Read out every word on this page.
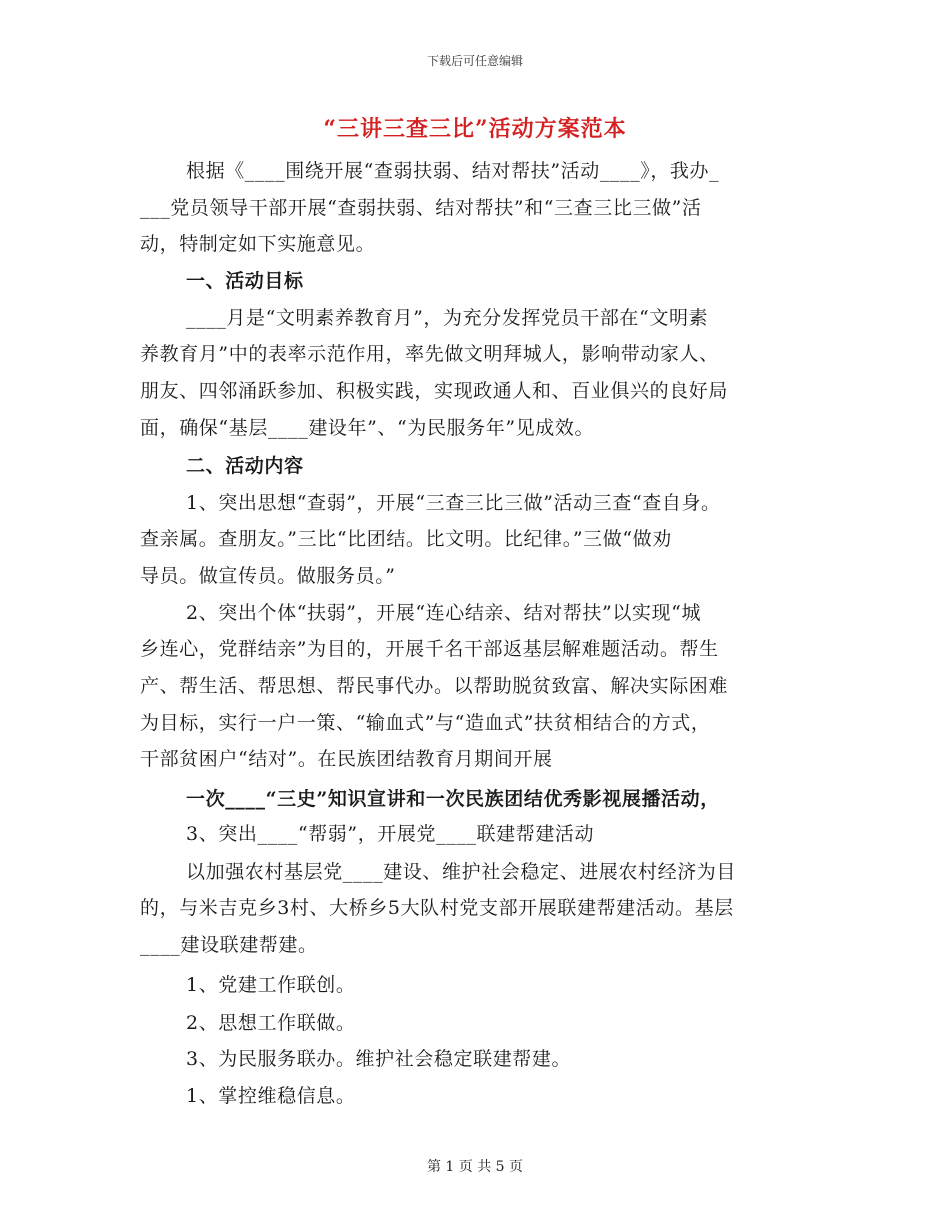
下载后可任意编辑
“三讲三查三比”活动方案范本
根据《____围绕开展“查弱扶弱、结对帮扶”活动____》，我办_
___党员领导干部开展“查弱扶弱、结对帮扶”和“三查三比三做”活
动，特制定如下实施意见。
一、活动目标
____月是“文明素养教育月”，为充分发挥党员干部在“文明素
养教育月”中的表率示范作用，率先做文明拜城人，影响带动家人、
朋友、四邻涌跃参加、积极实践，实现政通人和、百业俱兴的良好局
面，确保“基层____建设年”、“为民服务年”见成效。
二、活动内容
1、突出思想“查弱”，开展“三查三比三做”活动三查“查自身。
查亲属。查朋友。”三比“比团结。比文明。比纪律。”三做“做劝
导员。做宣传员。做服务员。”
2、突出个体“扶弱”，开展“连心结亲、结对帮扶”以实现“城
乡连心，党群结亲”为目的，开展千名干部返基层解难题活动。帮生
产、帮生活、帮思想、帮民事代办。以帮助脱贫致富、解决实际困难
为目标，实行一户一策、“输血式”与“造血式”扶贫相结合的方式，
干部贫困户“结对”。在民族团结教育月期间开展
一次____“三史”知识宣讲和一次民族团结优秀影视展播活动，
3、突出____“帮弱”，开展党____联建帮建活动
以加强农村基层党____建设、维护社会稳定、进展农村经济为目
的，与米吉克乡3村、大桥乡5大队村党支部开展联建帮建活动。基层
____建设联建帮建。
1、党建工作联创。
2、思想工作联做。
3、为民服务联办。维护社会稳定联建帮建。
1、掌控维稳信息。
第 1 页 共 5 页
